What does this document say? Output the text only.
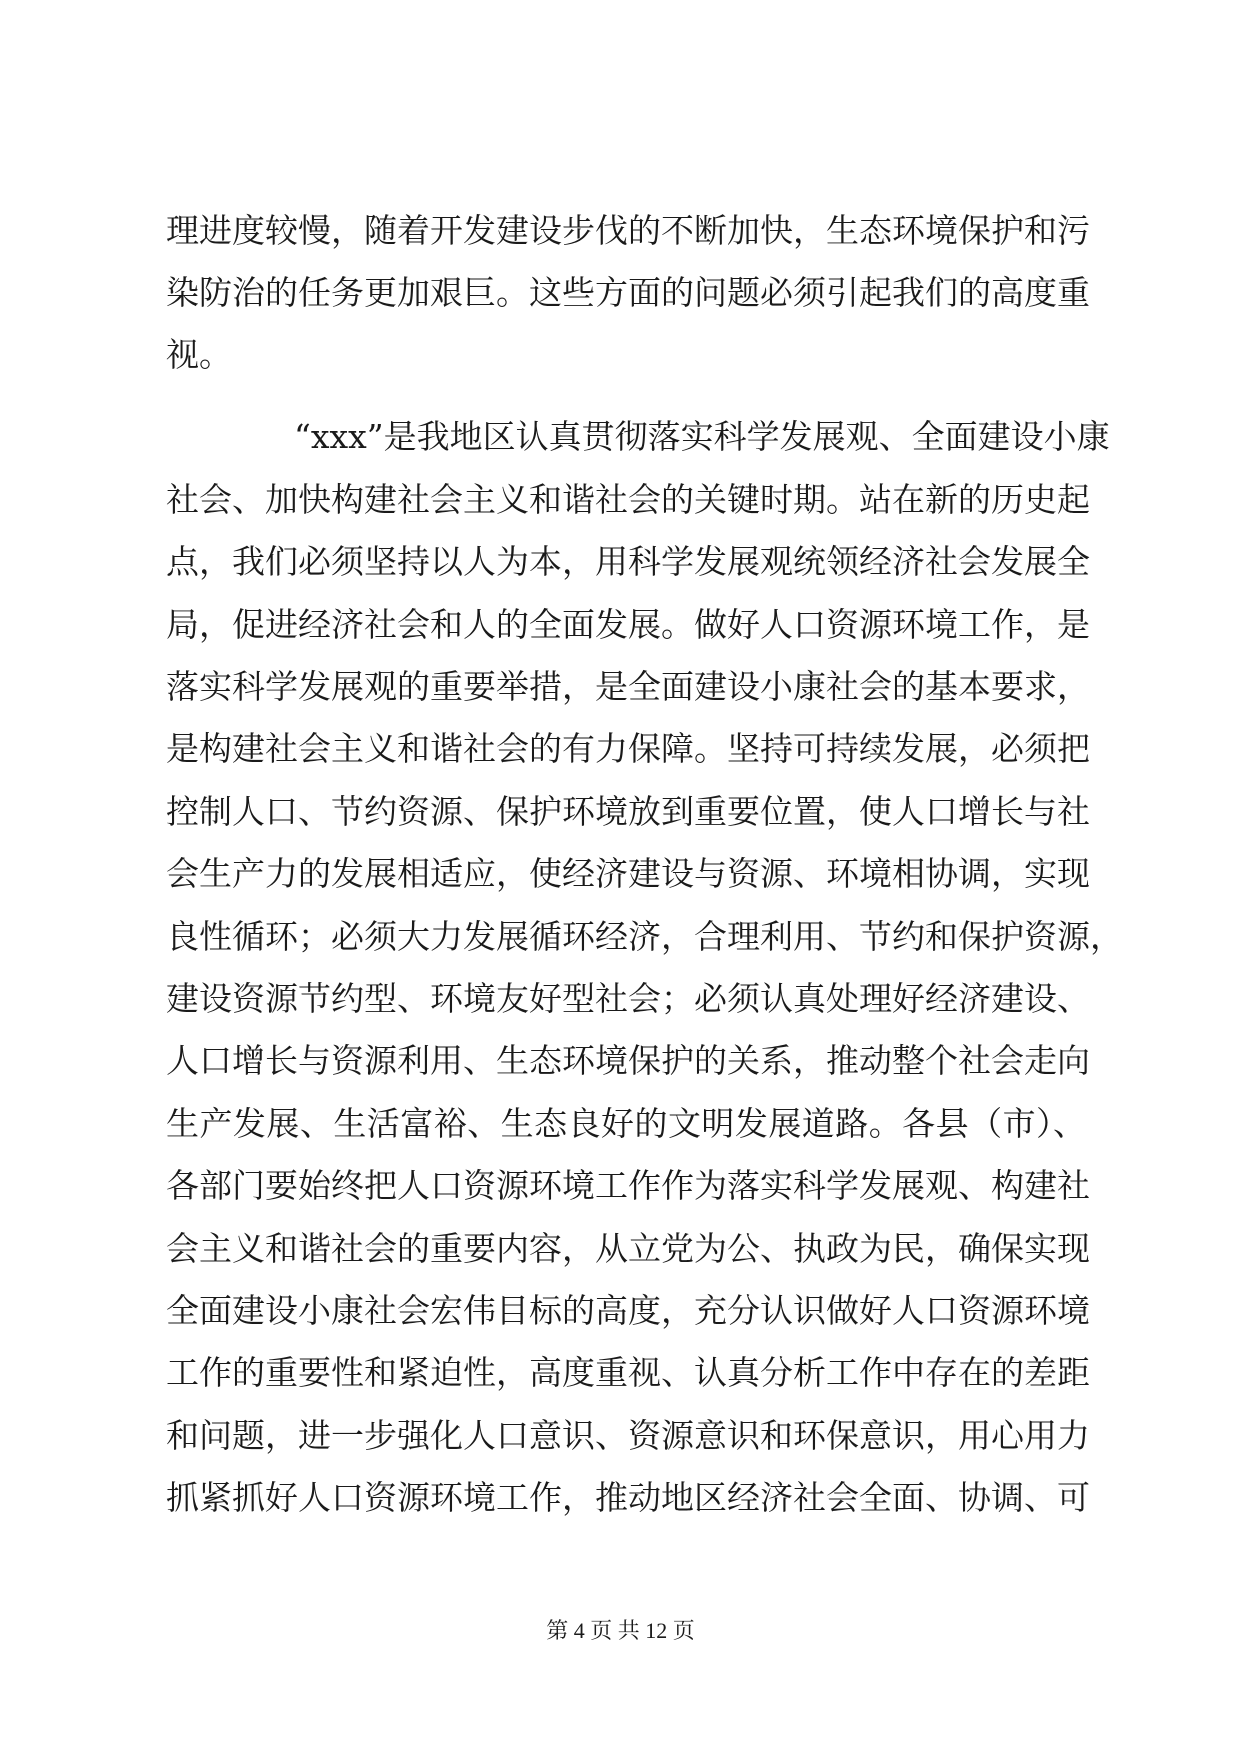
理进度较慢，随着开发建设步伐的不断加快，生态环境保护和污
染防治的任务更加艰巨。这些方面的问题必须引起我们的高度重
视。
“xxx”是我地区认真贯彻落实科学发展观、全面建设小康
社会、加快构建社会主义和谐社会的关键时期。站在新的历史起
点，我们必须坚持以人为本，用科学发展观统领经济社会发展全
局，促进经济社会和人的全面发展。做好人口资源环境工作，是
落实科学发展观的重要举措，是全面建设小康社会的基本要求，
是构建社会主义和谐社会的有力保障。坚持可持续发展，必须把
控制人口、节约资源、保护环境放到重要位置，使人口增长与社
会生产力的发展相适应，使经济建设与资源、环境相协调，实现
良性循环；必须大力发展循环经济，合理利用、节约和保护资源，
建设资源节约型、环境友好型社会；必须认真处理好经济建设、
人口增长与资源利用、生态环境保护的关系，推动整个社会走向
生产发展、生活富裕、生态良好的文明发展道路。各县（市）、
各部门要始终把人口资源环境工作作为落实科学发展观、构建社
会主义和谐社会的重要内容，从立党为公、执政为民，确保实现
全面建设小康社会宏伟目标的高度，充分认识做好人口资源环境
工作的重要性和紧迫性，高度重视、认真分析工作中存在的差距
和问题，进一步强化人口意识、资源意识和环保意识，用心用力
抓紧抓好人口资源环境工作，推动地区经济社会全面、协调、可
第 4 页 共 12 页
